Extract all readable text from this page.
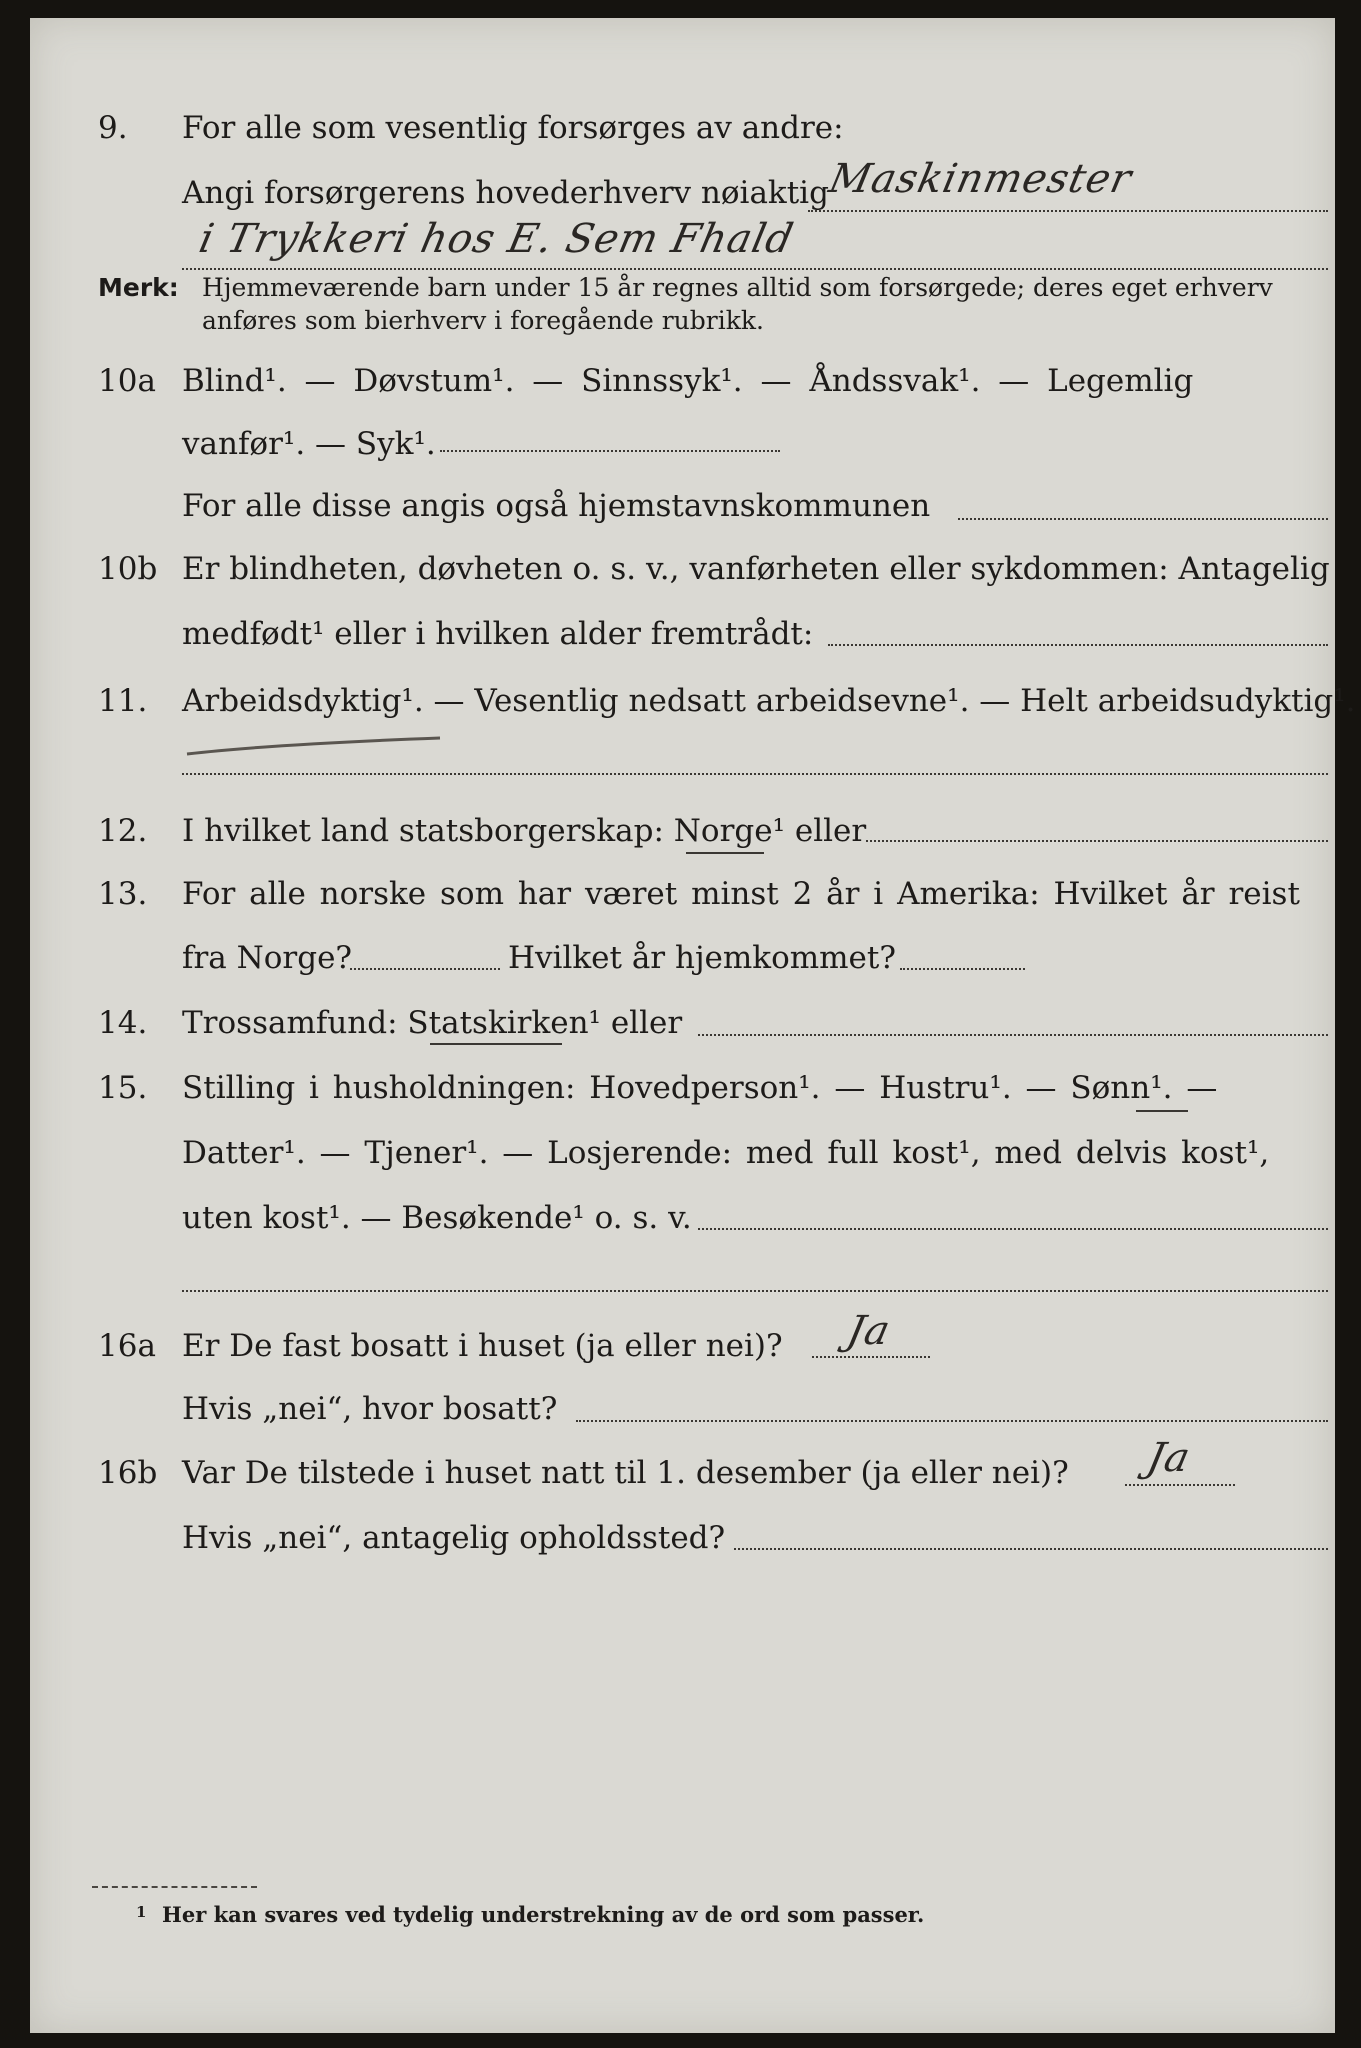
9. For alle som vesentlig forsørges av andre:
Angi forsørgerens hovederhverv nøiaktig
Maskinmester
i Trykkeri hos E. Sem Fhald
Merk: Hjemmeværende barn under 15 år regnes alltid som forsørgede; deres eget erhverv
anføres som bierhverv i foregående rubrikk.
10a Blind¹. — Døvstum¹. — Sinnssyk¹. — Åndssvak¹. — Legemlig
vanfør¹. — Syk¹.
For alle disse angis også hjemstavnskommunen
10b Er blindheten, døvheten o. s. v., vanførheten eller sykdommen: Antagelig
medfødt¹ eller i hvilken alder fremtrådt:
11. Arbeidsdyktig¹. — Vesentlig nedsatt arbeidsevne¹. — Helt arbeidsudyktig¹.
12. I hvilket land statsborgerskap: Norge¹ eller
13. For alle norske som har været minst 2 år i Amerika: Hvilket år reist
fra Norge?	Hvilket år hjemkommet?
14. Trossamfund: Statskirken¹ eller
15. Stilling i husholdningen: Hovedperson¹. — Hustru¹. — Sønn¹. —
Datter¹. — Tjener¹. — Losjerende: med full kost¹, med delvis kost¹,
uten kost¹. — Besøkende¹ o. s. v.
16a Er De fast bosatt i huset (ja eller nei)? Ja
Hvis „nei“, hvor bosatt?
16b Var De tilstede i huset natt til 1. desember (ja eller nei)? Ja
Hvis „nei“, antagelig opholdssted?
1 Her kan svares ved tydelig understrekning av de ord som passer.
